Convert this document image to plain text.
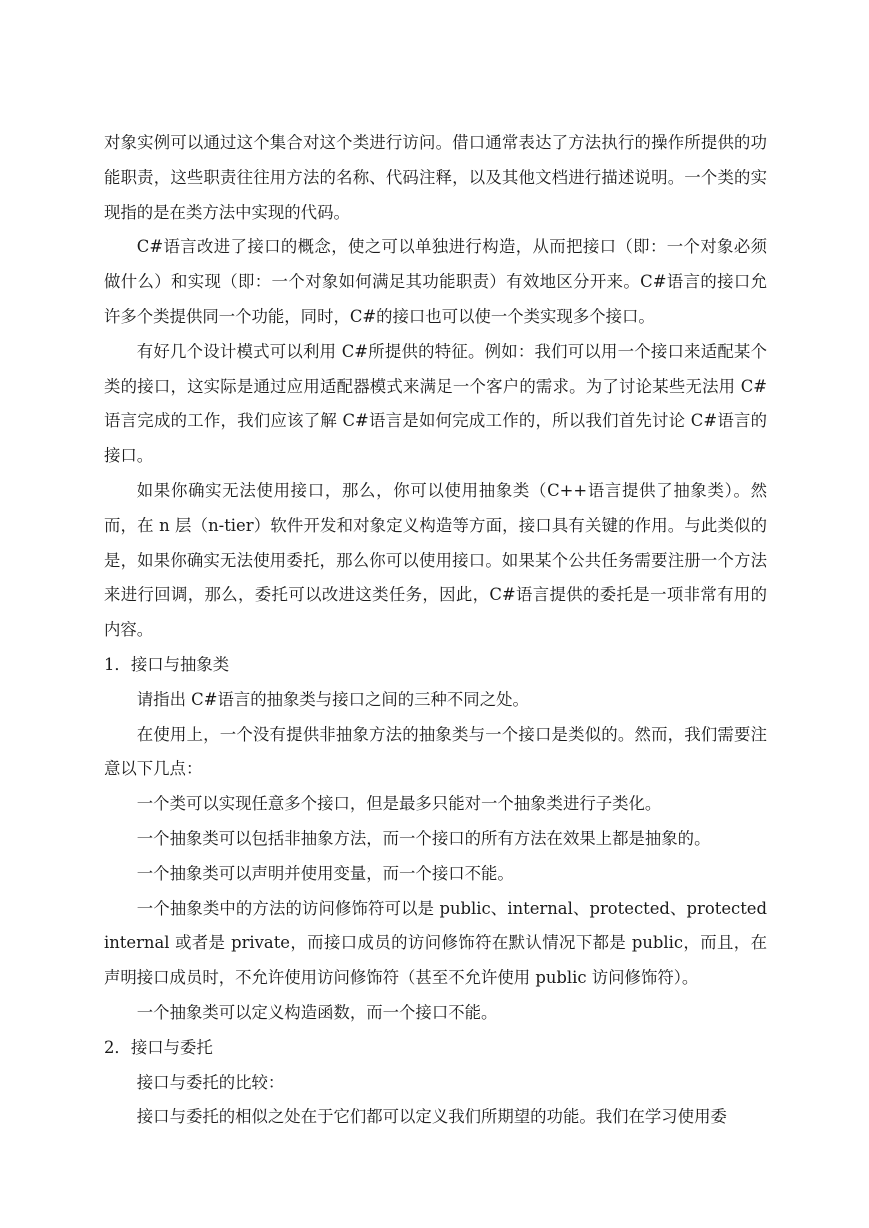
对象实例可以通过这个集合对这个类进行访问。借口通常表达了方法执行的操作所提供的功能职责，这些职责往往用方法的名称、代码注释，以及其他文档进行描述说明。一个类的实现指的是在类方法中实现的代码。

C#语言改进了接口的概念，使之可以单独进行构造，从而把接口（即：一个对象必须做什么）和实现（即：一个对象如何满足其功能职责）有效地区分开来。C#语言的接口允许多个类提供同一个功能，同时，C#的接口也可以使一个类实现多个接口。

有好几个设计模式可以利用 C#所提供的特征。例如：我们可以用一个接口来适配某个类的接口，这实际是通过应用适配器模式来满足一个客户的需求。为了讨论某些无法用 C#语言完成的工作，我们应该了解 C#语言是如何完成工作的，所以我们首先讨论 C#语言的接口。

如果你确实无法使用接口，那么，你可以使用抽象类（C++语言提供了抽象类）。然而，在 n 层（n-tier）软件开发和对象定义构造等方面，接口具有关键的作用。与此类似的是，如果你确实无法使用委托，那么你可以使用接口。如果某个公共任务需要注册一个方法来进行回调，那么，委托可以改进这类任务，因此，C#语言提供的委托是一项非常有用的内容。

1．接口与抽象类

请指出 C#语言的抽象类与接口之间的三种不同之处。

在使用上，一个没有提供非抽象方法的抽象类与一个接口是类似的。然而，我们需要注意以下几点：

一个类可以实现任意多个接口，但是最多只能对一个抽象类进行子类化。

一个抽象类可以包括非抽象方法，而一个接口的所有方法在效果上都是抽象的。

一个抽象类可以声明并使用变量，而一个接口不能。

一个抽象类中的方法的访问修饰符可以是 public、internal、protected、protected internal 或者是 private，而接口成员的访问修饰符在默认情况下都是 public，而且，在声明接口成员时，不允许使用访问修饰符（甚至不允许使用 public 访问修饰符）。

一个抽象类可以定义构造函数，而一个接口不能。

2．接口与委托

接口与委托的比较：

接口与委托的相似之处在于它们都可以定义我们所期望的功能。我们在学习使用委
